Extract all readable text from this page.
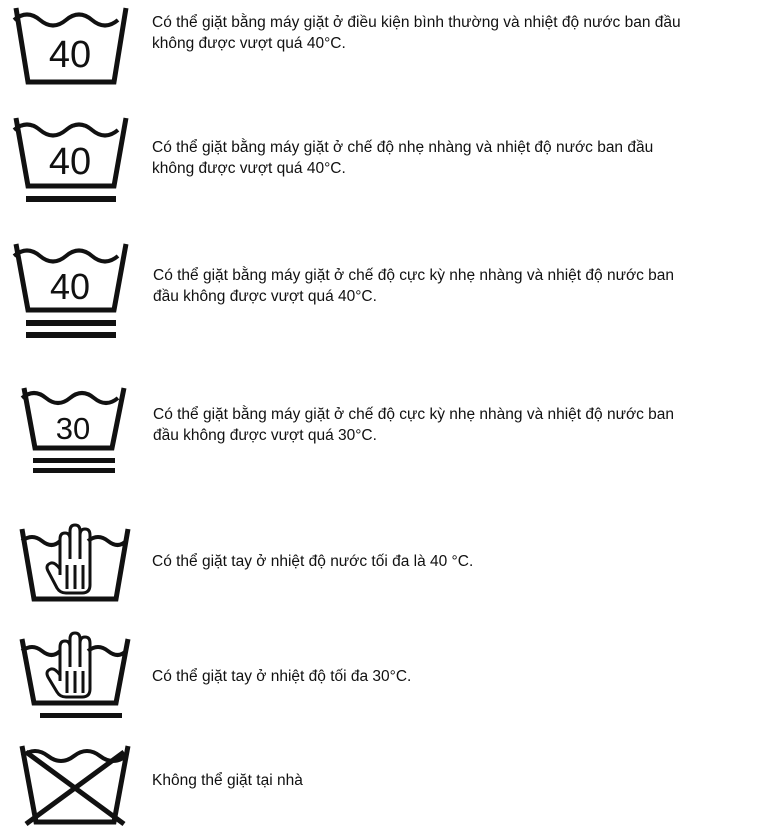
40
Có thể giặt bằng máy giặt ở điều kiện bình thường và nhiệt độ nước ban đầu
không được vượt quá 40°C.
40	Có thể giặt bằng máy giặt ở chế độ nhẹ nhàng và nhiệt độ nước ban đầu
không được vượt quá 40°C.
40	Có thể giặt bằng máy giặt ở chế độ cực kỳ nhẹ nhàng và nhiệt độ nước ban
đầu không được vượt quá 40°C.
30	Có thể giặt bằng máy giặt ở chế độ cực kỳ nhẹ nhàng và nhiệt độ nước ban
đầu không được vượt quá 30°C.
Có thể giặt tay ở nhiệt độ nước tối đa là 40 °C.
Có thể giặt tay ở nhiệt độ tối đa 30°C.
Không thể giặt tại nhà
